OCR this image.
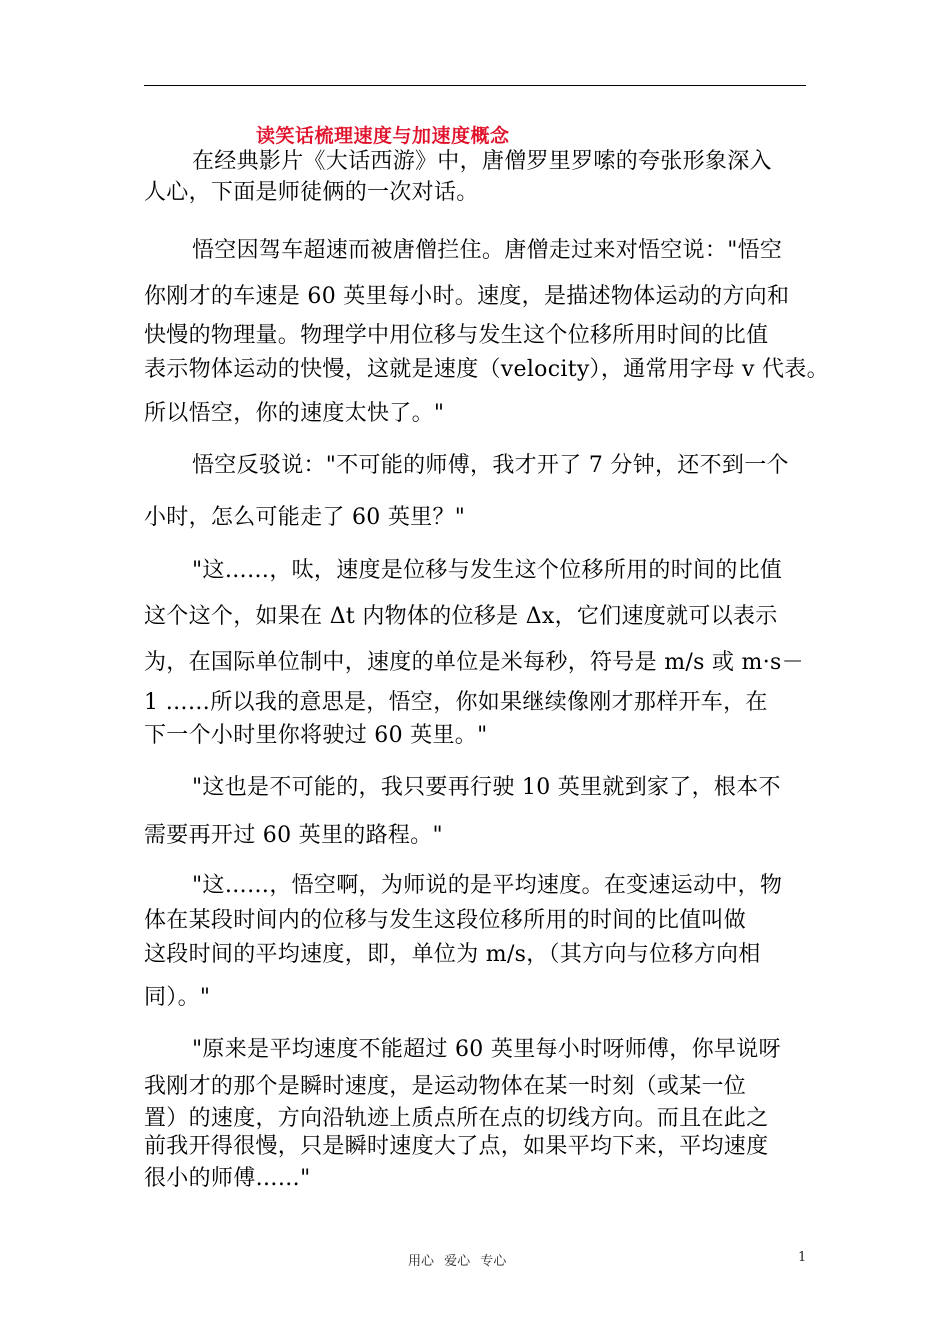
读笑话梳理速度与加速度概念

在经典影片《大话西游》中，唐僧罗里罗嗦的夸张形象深入
人心，下面是师徒俩的一次对话。

悟空因驾车超速而被唐僧拦住。唐僧走过来对悟空说："悟空
你刚才的车速是 60 英里每小时。速度，是描述物体运动的方向和
快慢的物理量。物理学中用位移与发生这个位移所用时间的比值
表示物体运动的快慢，这就是速度（velocity），通常用字母 v 代表。
所以悟空，你的速度太快了。"

悟空反驳说："不可能的师傅，我才开了 7 分钟，还不到一个
小时，怎么可能走了 60 英里？"

"这……，呔，速度是位移与发生这个位移所用的时间的比值
这个这个，如果在 Δt 内物体的位移是 Δx，它们速度就可以表示
为，在国际单位制中，速度的单位是米每秒，符号是 m/s 或 m·s－
1 ……所以我的意思是，悟空，你如果继续像刚才那样开车，在
下一个小时里你将驶过 60 英里。"

"这也是不可能的，我只要再行驶 10 英里就到家了，根本不
需要再开过 60 英里的路程。"

"这……，悟空啊，为师说的是平均速度。在变速运动中，物
体在某段时间内的位移与发生这段位移所用的时间的比值叫做
这段时间的平均速度，即，单位为 m/s，（其方向与位移方向相
同）。"

"原来是平均速度不能超过 60 英里每小时呀师傅，你早说呀
我刚才的那个是瞬时速度，是运动物体在某一时刻（或某一位
置）的速度，方向沿轨迹上质点所在点的切线方向。而且在此之
前我开得很慢，只是瞬时速度大了点，如果平均下来，平均速度
很小的师傅……"

用心 爱心 专心	1
